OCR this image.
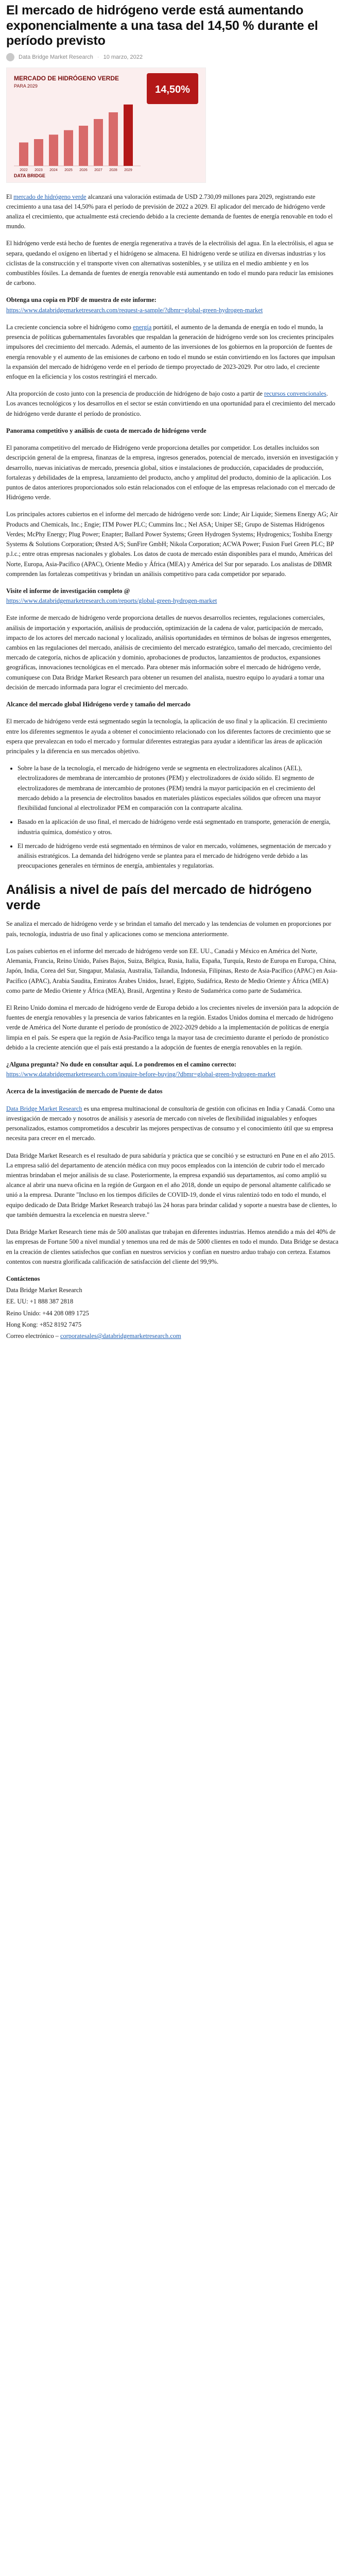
El mercado de hidrógeno verde está aumentando exponencialmente a una tasa del 14,50 % durante el período previsto
Data Bridge Market Research · 10 marzo, 2022
MERCADO DE HIDRÓGENO VERDE
PARA 2029	14,50%
DATA BRIDGE
2022 2023 2024 2025 2026 2027 2028 2029

El mercado de hidrógeno verde alcanzará una valoración estimada de USD 2.730,09 millones para 2029, registrando este crecimiento a una tasa del 14,50% para el período de previsión de 2022 a 2029. El aplicador del mercado de hidrógeno verde analiza el crecimiento, que actualmente está creciendo debido a la creciente demanda de fuentes de energía renovable en todo el mundo.

El hidrógeno verde está hecho de fuentes de energía regenerativa a través de la electrólisis del agua. En la electrólisis, el agua se separa, quedando el oxígeno en libertad y el hidrógeno se almacena. El hidrógeno verde se utiliza en diversas industrias y los ciclistas de la construcción y el transporte viven con alternativas sostenibles, y se utiliza en el medio ambiente y en los combustibles fósiles. La demanda de fuentes de energía renovable está aumentando en todo el mundo para reducir las emisiones de carbono.

Obtenga una copia en PDF de muestra de este informe:
https://www.databridgemarketresearch.com/request-a-sample/?dbmr=global-green-hydrogen-market

La creciente conciencia sobre el hidrógeno como energía portátil, el aumento de la demanda de energía en todo el mundo, la presencia de políticas gubernamentales favorables que respaldan la generación de hidrógeno verde son los crecientes principales impulsores del crecimiento del mercado. Además, el aumento de las inversiones de los gobiernos en la proporción de fuentes de energía renovable y el aumento de las emisiones de carbono en todo el mundo se están convirtiendo en los factores que impulsan la expansión del mercado de hidrógeno verde en el período de tiempo proyectado de 2023-2029. Por otro lado, el creciente enfoque en la eficiencia y los costos restringirá el mercado.

Alta proporción de costo junto con la presencia de producción de hidrógeno de bajo costo a partir de recursos convencionales. Los avances tecnológicos y los desarrollos en el sector se están convirtiendo en una oportunidad para el crecimiento del mercado de hidrógeno verde durante el período de pronóstico.

Panorama competitivo y análisis de cuota de mercado de hidrógeno verde

El panorama competitivo del mercado de Hidrógeno verde proporciona detalles por competidor. Los detalles incluidos son descripción general de la empresa, finanzas de la empresa, ingresos generados, potencial de mercado, inversión en investigación y desarrollo, nuevas iniciativas de mercado, presencia global, sitios e instalaciones de producción, capacidades de producción, fortalezas y debilidades de la empresa, lanzamiento del producto, ancho y amplitud del producto, dominio de la aplicación. Los puntos de datos anteriores proporcionados solo están relacionados con el enfoque de las empresas relacionado con el mercado de Hidrógeno verde.

Los principales actores cubiertos en el informe del mercado de hidrógeno verde son: Linde; Air Liquide; Siemens Energy AG; Air Products and Chemicals, Inc.; Engie; ITM Power PLC; Cummins Inc.; Nel ASA; Uniper SE; Grupo de Sistemas Hidrógenos Verdes; McPhy Energy; Plug Power; Enapter; Ballard Power Systems; Green Hydrogen Systems; Hydrogenics; Toshiba Energy Systems & Solutions Corporation; Ørsted A/S; SunFire GmbH; Nikola Corporation; ACWA Power; Fusion Fuel Green PLC; BP p.l.c.; entre otras empresas nacionales y globales. Los datos de cuota de mercado están disponibles para el mundo, Américas del Norte, Europa, Asia-Pacífico (APAC), Oriente Medio y África (MEA) y América del Sur por separado. Los analistas de DBMR comprenden las fortalezas competitivas y brindan un análisis competitivo para cada competidor por separado.

Visite el informe de investigación completo @
https://www.databridgemarketresearch.com/reports/global-green-hydrogen-market

Este informe de mercado de hidrógeno verde proporciona detalles de nuevos desarrollos recientes, regulaciones comerciales, análisis de importación y exportación, análisis de producción, optimización de la cadena de valor, participación de mercado, impacto de los actores del mercado nacional y localizado, análisis oportunidades en términos de bolsas de ingresos emergentes, cambios en las regulaciones del mercado, análisis de crecimiento del mercado estratégico, tamaño del mercado, crecimiento del mercado de categoría, nichos de aplicación y dominio, aprobaciones de productos, lanzamientos de productos, expansiones geográficas, innovaciones tecnológicas en el mercado. Para obtener más información sobre el mercado de hidrógeno verde, comuníquese con Data Bridge Market Research para obtener un resumen del analista, nuestro equipo lo ayudará a tomar una decisión de mercado informada para lograr el crecimiento del mercado.

Alcance del mercado global Hidrógeno verde y tamaño del mercado

El mercado de hidrógeno verde está segmentado según la tecnología, la aplicación de uso final y la aplicación. El crecimiento entre los diferentes segmentos le ayuda a obtener el conocimiento relacionado con los diferentes factores de crecimiento que se espera que prevalezcan en todo el mercado y formular diferentes estrategias para ayudar a identificar las áreas de aplicación principales y la diferencia en sus mercados objetivo.

• Sobre la base de la tecnología, el mercado de hidrógeno verde se segmenta en electrolizadores alcalinos (AEL), electrolizadores de membrana de intercambio de protones (PEM) y electrolizadores de óxido sólido. El segmento de electrolizadores de membrana de intercambio de protones (PEM) tendrá la mayor participación en el crecimiento del mercado debido a la presencia de electrolitos basados en materiales plásticos especiales sólidos que ofrecen una mayor flexibilidad funcional al electrolizador PEM en comparación con la contraparte alcalina.
• Basado en la aplicación de uso final, el mercado de hidrógeno verde está segmentado en transporte, generación de energía, industria química, doméstico y otros.
• El mercado de hidrógeno verde está segmentado en términos de valor en mercado, volúmenes, segmentación de mercado y análisis estratégicos. La demanda del hidrógeno verde se plantea para el mercado de hidrógeno verde debido a las preocupaciones generales en términos de energía, ambientales y regulatorias.
Análisis a nivel de país del mercado de hidrógeno verde

Se analiza el mercado de hidrógeno verde y se brindan el tamaño del mercado y las tendencias de volumen en proporciones por país, tecnología, industria de uso final y aplicaciones como se menciona anteriormente.

Los países cubiertos en el informe del mercado de hidrógeno verde son EE. UU., Canadá y México en América del Norte, Alemania, Francia, Reino Unido, Países Bajos, Suiza, Bélgica, Rusia, Italia, España, Turquía, Resto de Europa en Europa, China, Japón, India, Corea del Sur, Singapur, Malasia, Australia, Tailandia, Indonesia, Filipinas, Resto de Asia-Pacífico (APAC) en Asia-Pacífico (APAC), Arabia Saudita, Emiratos Árabes Unidos, Israel, Egipto, Sudáfrica, Resto de Medio Oriente y África (MEA) como parte de Medio Oriente y África (MEA), Brasil, Argentina y Resto de Sudamérica como parte de Sudamérica.

El Reino Unido domina el mercado de hidrógeno verde de Europa debido a los crecientes niveles de inversión para la adopción de fuentes de energía renovables y la presencia de varios fabricantes en la región. Estados Unidos domina el mercado de hidrógeno verde de América del Norte durante el período de pronóstico de 2022-2029 debido a la implementación de políticas de energía limpia en el país. Se espera que la región de Asia-Pacífico tenga la mayor tasa de crecimiento durante el período de pronóstico debido a la creciente atención que el país está prestando a la adopción de fuentes de energía renovables en la región.

¿Alguna pregunta? No dude en consultar aquí. Lo pondremos en el camino correcto:
https://www.databridgemarketresearch.com/inquire-before-buying/?dbmr=global-green-hydrogen-market

Acerca de la investigación de mercado de Puente de datos

Data Bridge Market Research es una empresa multinacional de consultoría de gestión con oficinas en India y Canadá. Como una investigación de mercado y nosotros de análisis y asesoría de mercado con niveles de flexibilidad inigualables y enfoques personalizados, estamos comprometidos a descubrir las mejores perspectivas de consumo y el conocimiento útil que su empresa necesita para crecer en el mercado.

Data Bridge Market Research es el resultado de pura sabiduría y práctica que se concibió y se estructuró en Pune en el año 2015. La empresa salió del departamento de atención médica con muy pocos empleados con la intención de cubrir todo el mercado mientras brindaban el mejor análisis de su clase. Posteriormente, la empresa expandió sus departamentos, así como amplió su alcance al abrir una nueva oficina en la región de Gurgaon en el año 2018, donde un equipo de personal altamente calificado se unió a la empresa. Durante "Incluso en los tiempos difíciles de COVID-19, donde el virus ralentizó todo en todo el mundo, el equipo dedicado de Data Bridge Market Research trabajó las 24 horas para brindar calidad y soporte a nuestra base de clientes, lo que también demuestra la excelencia en nuestra sleeve."

Data Bridge Market Research tiene más de 500 analistas que trabajan en diferentes industrias. Hemos atendido a más del 40% de las empresas de Fortune 500 a nivel mundial y tenemos una red de más de 5000 clientes en todo el mundo. Data Bridge se destaca en la creación de clientes satisfechos que confían en nuestros servicios y confían en nuestro arduo trabajo con certeza. Estamos contentos con nuestra glorificada calificación de satisfacción del cliente del 99,9%.

Contáctenos

Data Bridge Market Research

EE. UU: +1 888 387 2818

Reino Unido: +44 208 089 1725

Hong Kong: +852 8192 7475

Correo electrónico – corporatesales@databridgemarketresearch.com
